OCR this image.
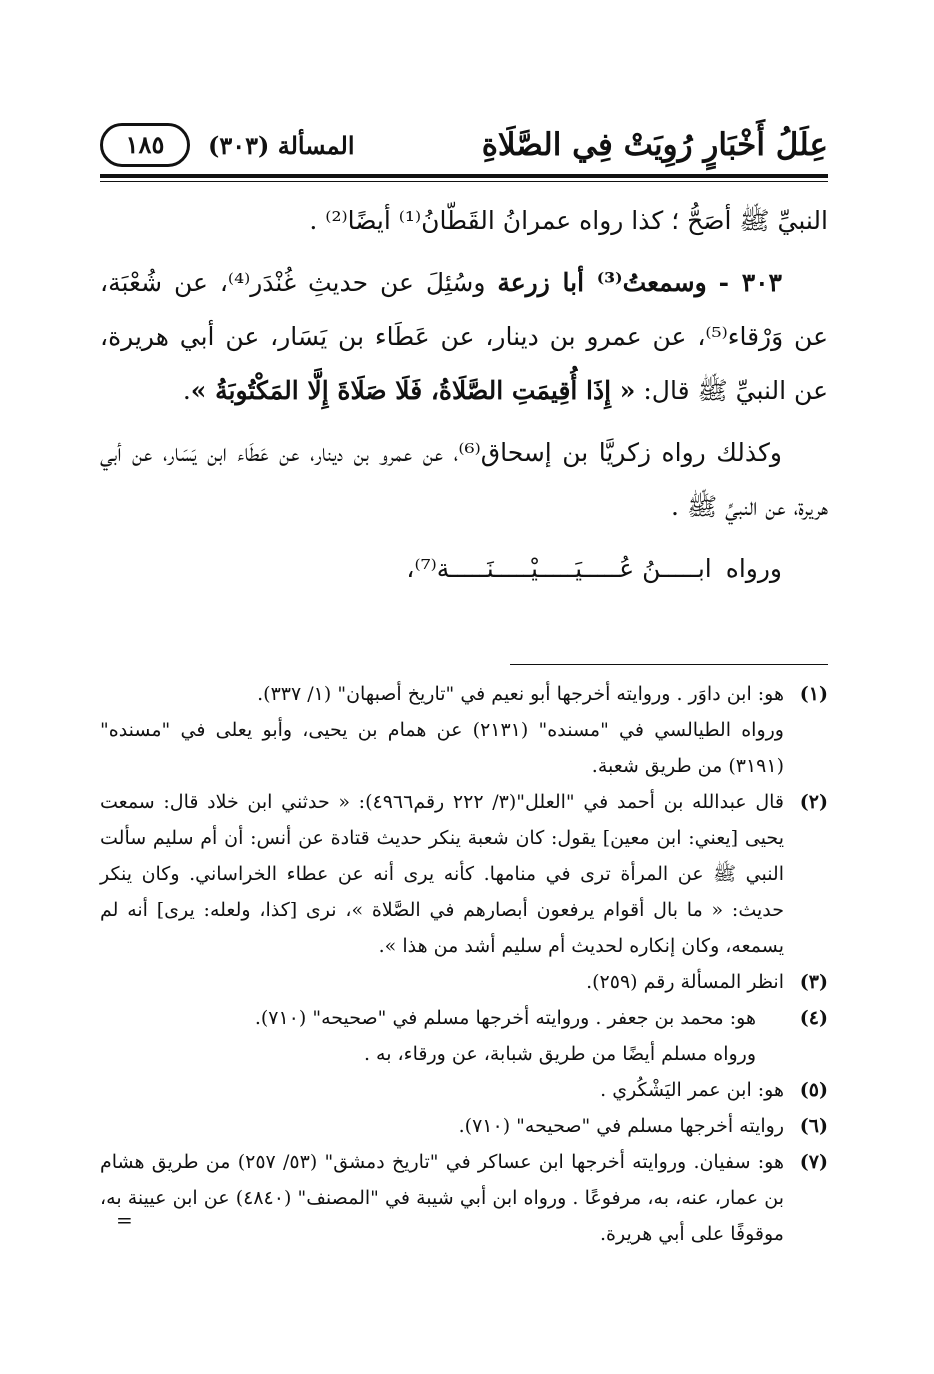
عِلَلُ أَخْبَارٍ رُوِيَتْ فِي الصَّلَاةِ
المسألة (٣٠٣)
١٨٥

النبيِّ ﷺ أصَحُّ ؛ كذا رواه عمرانُ القَطّانُ⁽¹⁾ أيضًا⁽²⁾ .

٣٠٣ - وسمعتُ⁽³⁾ أبا زرعة وسُئِلَ عن حديثِ غُنْدَر⁽⁴⁾، عن شُعْبَة، عن وَرْقاء⁽⁵⁾، عن عمرو بن دينار، عن عَطَاء بن يَسَار، عن أبي هريرة، عن النبيِّ ﷺ قال: « إِذَا أُقِيمَتِ الصَّلَاةُ، فَلَا صَلَاةَ إِلَّا المَكْتُوبَةُ ».

وكذلك رواه زكريَّا بن إسحاق⁽⁶⁾، عن عمرو بن دينار، عن عَطَاء ابن يَسَار، عن أبي هريرة، عن النبيِّ ﷺ .

ورواه
ابـــــنُ عُـــــيَـــــيْـــــنَـــــة⁽⁷⁾،

(١)

هو: ابن داوَر . وروايته أخرجها أبو نعيم في "تاريخ أصبهان" (١/ ٣٣٧).

ورواه الطيالسي في "مسنده" (٢١٣١) عن همام بن يحيى، وأبو يعلى في "مسنده" (٣١٩١) من طريق شعبة.

(٢)

قال عبدالله بن أحمد في "العلل"(٣/ ٢٢٢ رقم٤٩٦٦): « حدثني ابن خلاد قال: سمعت يحيى [يعني: ابن معين] يقول: كان شعبة ينكر حديث قتادة عن أنس: أن أم سليم سألت النبي ﷺ عن المرأة ترى في منامها. كأنه يرى أنه عن عطاء الخراساني. وكان ينكر حديث: « ما بال أقوام يرفعون أبصارهم في الصَّلاة »، نرى [كذا، ولعله: يرى] أنه لم يسمعه، وكان إنكاره لحديث أم سليم أشد من هذا ».

(٣)

انظر المسألة رقم (٢٥٩).

(٤)

هو: محمد بن جعفر . وروايته أخرجها مسلم في "صحيحه" (٧١٠).

ورواه مسلم أيضًا من طريق شبابة، عن ورقاء، به .

(٥)

هو: ابن عمر اليَشْكُري .

(٦)

روايته أخرجها مسلم في "صحيحه" (٧١٠).

(٧)

هو: سفيان. وروايته أخرجها ابن عساكر في "تاريخ دمشق" (٥٣/ ٢٥٧) من طريق هشام بن عمار، عنه، به، مرفوعًا . ورواه ابن أبي شيبة في "المصنف" (٤٨٤٠) عن ابن عيينة به، موقوفًا على أبي هريرة.

=
